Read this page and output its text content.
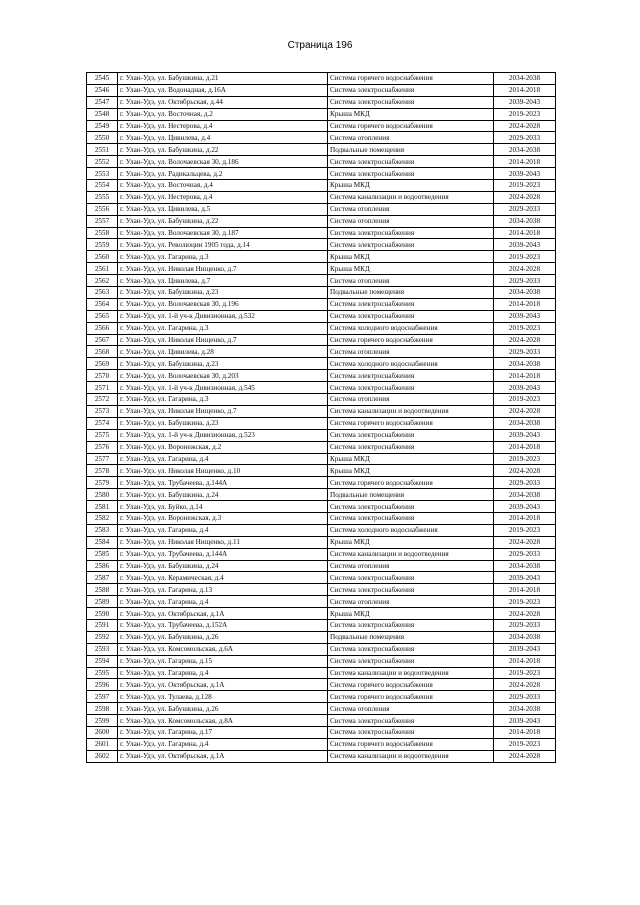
Страница 196
2545	г. Улан-Удэ, ул. Бабушкина, д.21	Система горячего водоснабжения	2034-2038
2546	г. Улан-Удэ, ул. Водонадная, д.16А	Система электроснабжения	2014-2018
2547	г. Улан-Удэ, ул. Октябрьская, д.44	Система электроснабжения	2039-2043
2548	г. Улан-Удэ, ул. Восточная, д.2	Крыша МКД	2019-2023
2549	г. Улан-Удэ, ул. Нестерова, д.4	Система горячего водоснабжения	2024-2028
2550	г. Улан-Удэ, ул. Цивилева, д.4	Система отопления	2029-2033
2551	г. Улан-Удэ, ул. Бабушкина, д.22	Подвальные помещения	2034-2038
2552	г. Улан-Удэ, ул. Волочаевская 30, д.186	Система электроснабжения	2014-2018
2553	г. Улан-Удэ, ул. Радикальцева, д.2	Система электроснабжения	2039-2043
2554	г. Улан-Удэ, ул. Восточная, д.4	Крыша МКД	2019-2023
2555	г. Улан-Удэ, ул. Нестерова, д.4	Система канализации и водоотведения	2024-2028
2556	г. Улан-Удэ, ул. Цивилева, д.5	Система отопления	2029-2033
2557	г. Улан-Удэ, ул. Бабушкина, д.22	Система отопления	2034-2038
2558	г. Улан-Удэ, ул. Волочаевская 30, д.187	Система электроснабжения	2014-2018
2559	г. Улан-Удэ, ул. Революции 1905 года, д.14	Система электроснабжения	2039-2043
2560	г. Улан-Удэ, ул. Гагарина, д.3	Крыша МКД	2019-2023
2561	г. Улан-Удэ, ул. Николая Нищенко, д.7	Крыша МКД	2024-2028
2562	г. Улан-Удэ, ул. Цивилева, д.7	Система отопления	2029-2033
2563	г. Улан-Удэ, ул. Бабушкина, д.23	Подвальные помещения	2034-2038
2564	г. Улан-Удэ, ул. Волочаевская 30, д.196	Система электроснабжения	2014-2018
2565	г. Улан-Удэ, ул. 1-й уч-к Дивизионная, д.532	Система электроснабжения	2039-2043
2566	г. Улан-Удэ, ул. Гагарина, д.3	Система холодного водоснабжения	2019-2023
2567	г. Улан-Удэ, ул. Николая Нищенко, д.7	Система горячего водоснабжения	2024-2028
2568	г. Улан-Удэ, ул. Цивилева, д.28	Система отопления	2029-2033
2569	г. Улан-Удэ, ул. Бабушкина, д.23	Система холодного водоснабжения	2034-2038
2570	г. Улан-Удэ, ул. Волочаевская 30, д.203	Система электроснабжения	2014-2018
2571	г. Улан-Удэ, ул. 1-й уч-к Дивизионная, д.545	Система электроснабжения	2039-2043
2572	г. Улан-Удэ, ул. Гагарина, д.3	Система отопления	2019-2023
2573	г. Улан-Удэ, ул. Николая Нищенко, д.7	Система канализации и водоотведения	2024-2028
2574	г. Улан-Удэ, ул. Бабушкина, д.23	Система горячего водоснабжения	2034-2038
2575	г. Улан-Удэ, ул. 1-й уч-к Дивизионная, д.523	Система электроснабжения	2039-2043
2576	г. Улан-Удэ, ул. Воронежская, д.2	Система электроснабжения	2014-2018
2577	г. Улан-Удэ, ул. Гагарина, д.4	Крыша МКД	2019-2023
2578	г. Улан-Удэ, ул. Николая Нищенко, д.10	Крыша МКД	2024-2028
2579	г. Улан-Удэ, ул. Трубачеева, д.144А	Система горячего водоснабжения	2029-2033
2580	г. Улан-Удэ, ул. Бабушкина, д.24	Подвальные помещения	2034-2038
2581	г. Улан-Удэ, ул. Буйко, д.14	Система электроснабжения	2039-2043
2582	г. Улан-Удэ, ул. Воронежская, д.3	Система электроснабжения	2014-2018
2583	г. Улан-Удэ, ул. Гагарина, д.4	Система холодного водоснабжения	2019-2023
2584	г. Улан-Удэ, ул. Николая Нищенко, д.11	Крыша МКД	2024-2028
2585	г. Улан-Удэ, ул. Трубачеева, д.144А	Система канализации и водоотведения	2029-2033
2586	г. Улан-Удэ, ул. Бабушкина, д.24	Система отопления	2034-2038
2587	г. Улан-Удэ, ул. Керамическая, д.4	Система электроснабжения	2039-2043
2588	г. Улан-Удэ, ул. Гагарина, д.13	Система электроснабжения	2014-2018
2589	г. Улан-Удэ, ул. Гагарина, д.4	Система отопления	2019-2023
2590	г. Улан-Удэ, ул. Октябрьская, д.1А	Крыша МКД	2024-2028
2591	г. Улан-Удэ, ул. Трубачеева, д.152А	Система электроснабжения	2029-2033
2592	г. Улан-Удэ, ул. Бабушкина, д.26	Подвальные помещения	2034-2038
2593	г. Улан-Удэ, ул. Комсомольская, д.6А	Система электроснабжения	2039-2043
2594	г. Улан-Удэ, ул. Гагарина, д.15	Система электроснабжения	2014-2018
2595	г. Улан-Удэ, ул. Гагарина, д.4	Система канализации и водоотведения	2019-2023
2596	г. Улан-Удэ, ул. Октябрьская, д.1А	Система горячего водоснабжения	2024-2028
2597	г. Улан-Удэ, ул. Тулаева, д.128	Система горячего водоснабжения	2029-2033
2598	г. Улан-Удэ, ул. Бабушкина, д.26	Система отопления	2034-2038
2599	г. Улан-Удэ, ул. Комсомольская, д.8А	Система электроснабжения	2039-2043
2600	г. Улан-Удэ, ул. Гагарина, д.17	Система электроснабжения	2014-2018
2601	г. Улан-Удэ, ул. Гагарина, д.4	Система горячего водоснабжения	2019-2023
2602	г. Улан-Удэ, ул. Октябрьская, д.1А	Система канализации и водоотведения	2024-2028
